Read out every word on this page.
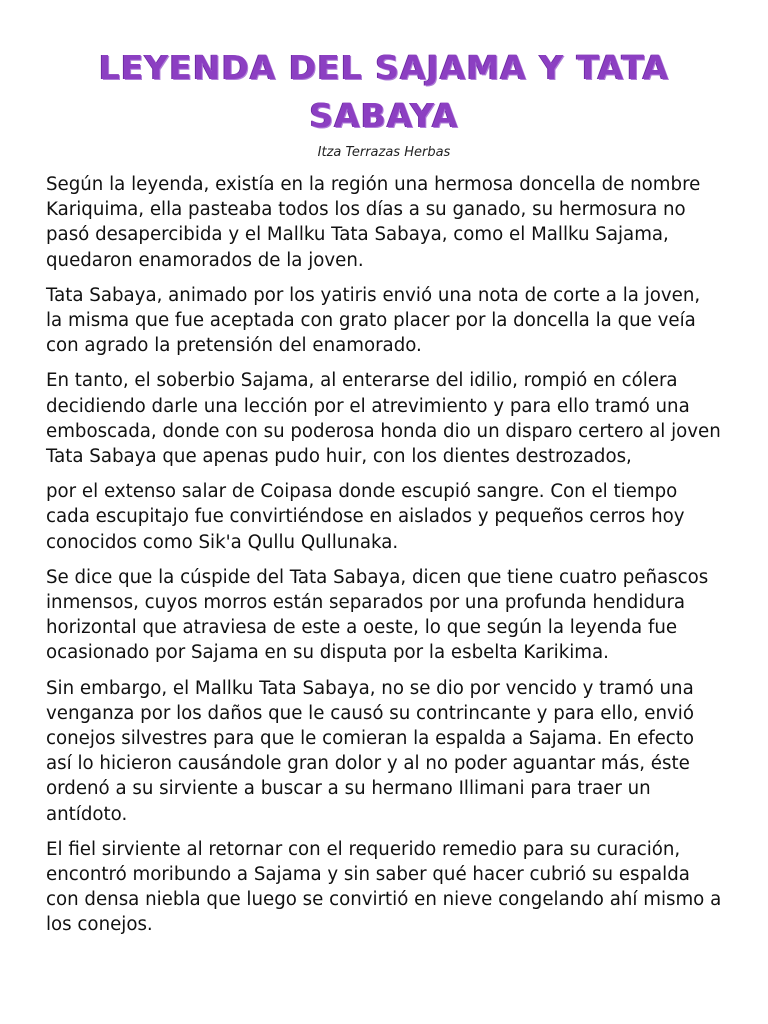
LEYENDA DEL SAJAMA Y TATA SABAYA
Itza Terrazas Herbas

Según la leyenda, existía en la región una hermosa doncella de nombre Kariquima, ella pasteaba todos los días a su ganado, su hermosura no pasó desapercibida y el Mallku Tata Sabaya, como el Mallku Sajama, quedaron enamorados de la joven.

Tata Sabaya, animado por los yatiris envió una nota de corte a la joven, la misma que fue aceptada con grato placer por la doncella la que veía con agrado la pretensión del enamorado.

En tanto, el soberbio Sajama, al enterarse del idilio, rompió en cólera decidiendo darle una lección por el atrevimiento y para ello tramó una emboscada, donde con su poderosa honda dio un disparo certero al joven Tata Sabaya que apenas pudo huir, con los dientes destrozados,

por el extenso salar de Coipasa donde escupió sangre. Con el tiempo cada escupitajo fue convirtiéndose en aislados y pequeños cerros hoy conocidos como Sik'a Qullu Qullunaka.

Se dice que la cúspide del Tata Sabaya, dicen que tiene cuatro peñascos inmensos, cuyos morros están separados por una profunda hendidura horizontal que atraviesa de este a oeste, lo que según la leyenda fue ocasionado por Sajama en su disputa por la esbelta Karikima.

Sin embargo, el Mallku Tata Sabaya, no se dio por vencido y tramó una venganza por los daños que le causó su contrincante y para ello, envió conejos silvestres para que le comieran la espalda a Sajama. En efecto así lo hicieron causándole gran dolor y al no poder aguantar más, éste ordenó a su sirviente a buscar a su hermano Illimani para traer un antídoto.

El fiel sirviente al retornar con el requerido remedio para su curación, encontró moribundo a Sajama y sin saber qué hacer cubrió su espalda con densa niebla que luego se convirtió en nieve congelando ahí mismo a los conejos.
